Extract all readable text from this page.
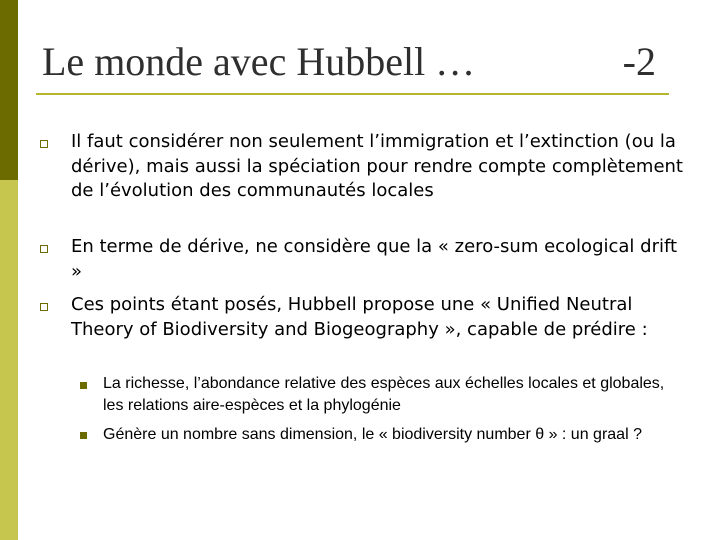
Le monde avec Hubbell …	-2
Il faut considérer non seulement l’immigration et l’extinction (ou la dérive), mais aussi la spéciation pour rendre compte complètement de l’évolution des communautés locales
En terme de dérive, ne considère que la « zero-sum ecological drift »
Ces points étant posés, Hubbell propose une « Unified Neutral Theory of Biodiversity and Biogeography », capable de prédire :
La richesse, l’abondance relative des espèces aux échelles locales et globales, les relations aire-espèces et la phylogénie
Génère un nombre sans dimension, le « biodiversity number θ » : un graal ?
